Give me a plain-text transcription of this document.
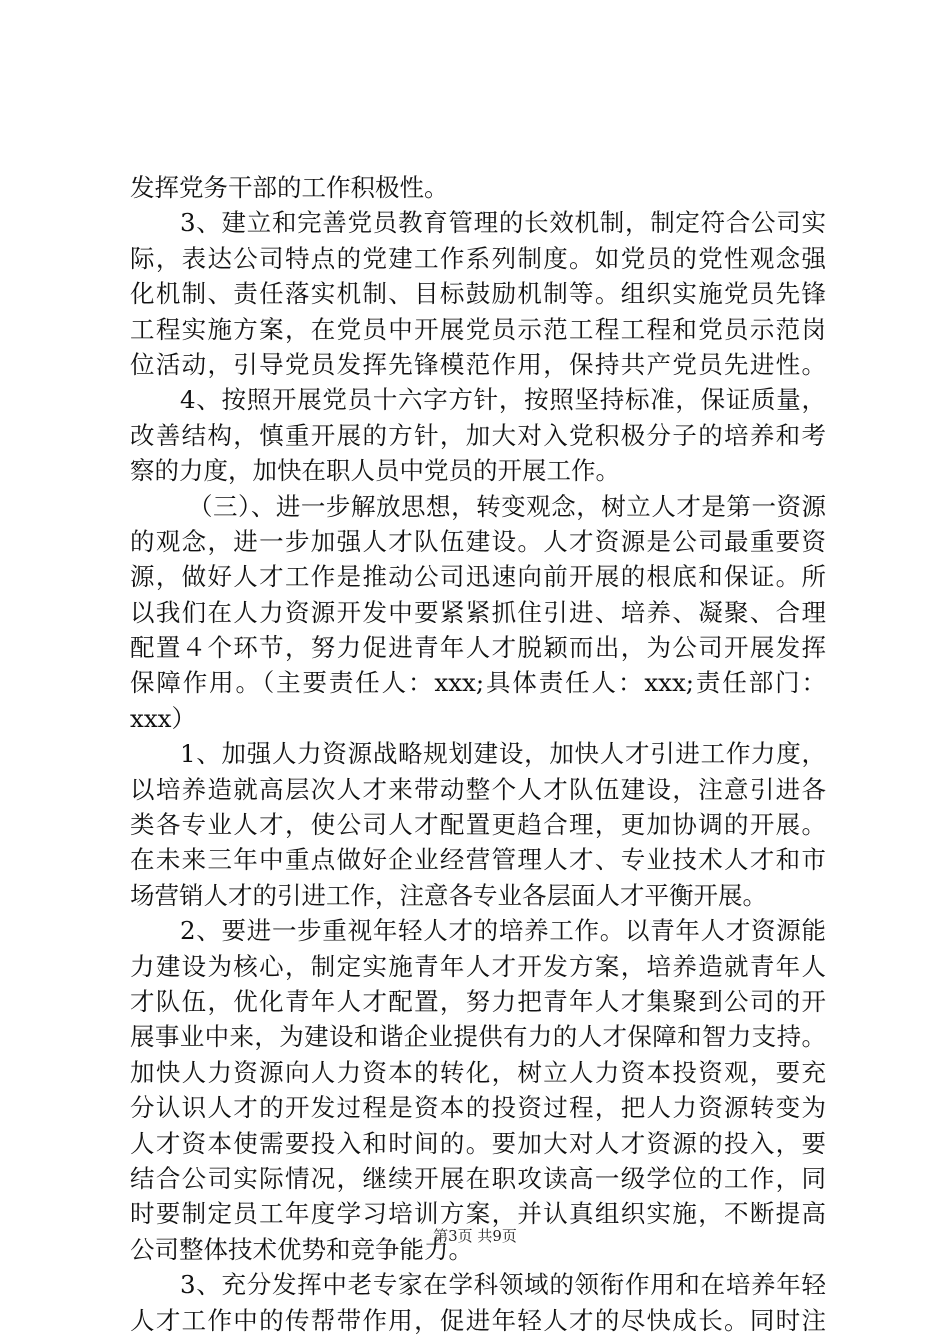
发挥党务干部的工作积极性。
3、建立和完善党员教育管理的长效机制，制定符合公司实
际，表达公司特点的党建工作系列制度。如党员的党性观念强
化机制、责任落实机制、目标鼓励机制等。组织实施党员先锋
工程实施方案，在党员中开展党员示范工程工程和党员示范岗
位活动，引导党员发挥先锋模范作用，保持共产党员先进性。
4、按照开展党员十六字方针，按照坚持标准，保证质量，
改善结构，慎重开展的方针，加大对入党积极分子的培养和考
察的力度，加快在职人员中党员的开展工作。
（三）、进一步解放思想，转变观念，树立人才是第一资源
的观念，进一步加强人才队伍建设。人才资源是公司最重要资
源，做好人才工作是推动公司迅速向前开展的根底和保证。所
以我们在人力资源开发中要紧紧抓住引进、培养、凝聚、合理
配置４个环节，努力促进青年人才脱颖而出，为公司开展发挥
保障作用。（主要责任人：xxx;具体责任人：xxx;责任部门：
xxx）
1、加强人力资源战略规划建设，加快人才引进工作力度，
以培养造就高层次人才来带动整个人才队伍建设，注意引进各
类各专业人才，使公司人才配置更趋合理，更加协调的开展。
在未来三年中重点做好企业经营管理人才、专业技术人才和市
场营销人才的引进工作，注意各专业各层面人才平衡开展。
2、要进一步重视年轻人才的培养工作。以青年人才资源能
力建设为核心，制定实施青年人才开发方案，培养造就青年人
才队伍，优化青年人才配置，努力把青年人才集聚到公司的开
展事业中来，为建设和谐企业提供有力的人才保障和智力支持。
加快人力资源向人力资本的转化，树立人力资本投资观，要充
分认识人才的开发过程是资本的投资过程，把人力资源转变为
人才资本使需要投入和时间的。要加大对人才资源的投入，要
结合公司实际情况，继续开展在职攻读高一级学位的工作，同
时要制定员工年度学习培训方案，并认真组织实施，不断提高
公司整体技术优势和竞争能力。
3、充分发挥中老专家在学科领域的领衔作用和在培养年轻
人才工作中的传帮带作用，促进年轻人才的尽快成长。同时注
第3页 共9页
